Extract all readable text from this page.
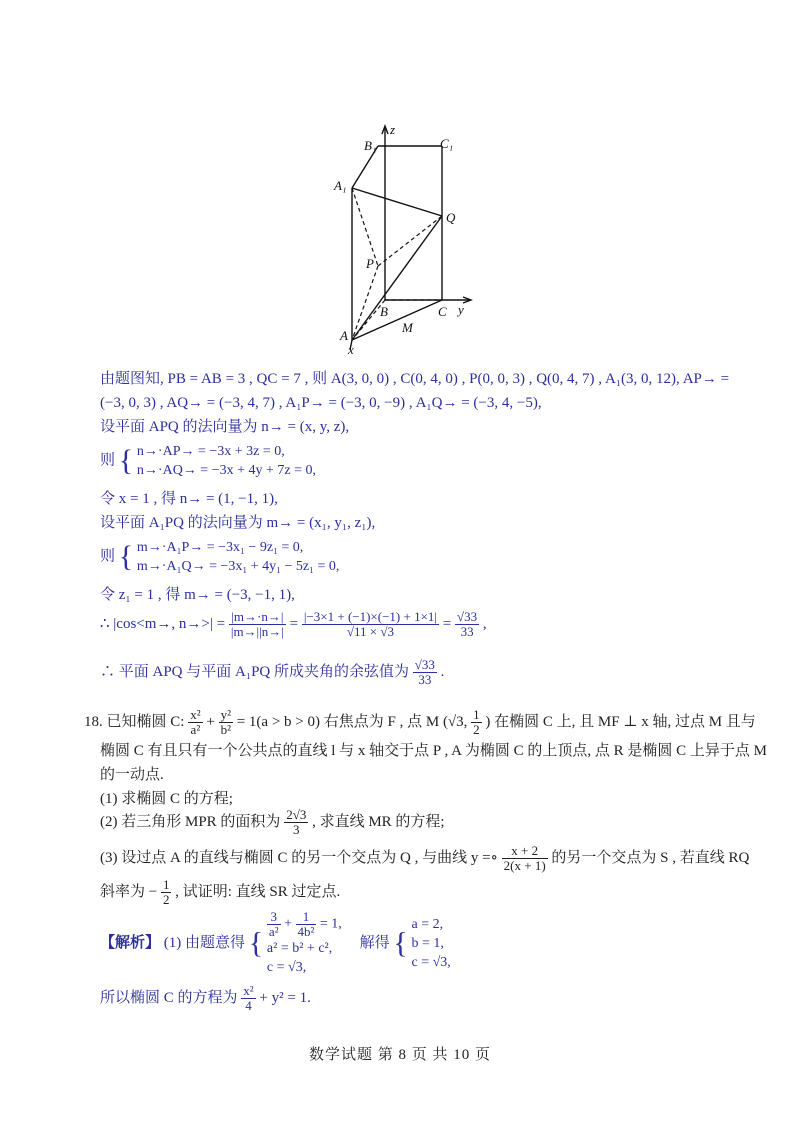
z
y
x
B₁	C₁
A₁
Q
P
A
B	C
M
由题图知, PB = AB = 3 , QC = 7 , 则 A(3, 0, 0) , C(0, 4, 0) , P(0, 0, 3) , Q(0, 4, 7) , A₁(3, 0, 12), AP→ =
(−3, 0, 3) , AQ→ = (−3, 4, 7) , A₁P→ = (−3, 0, −9) , A₁Q→ = (−3, 4, −5),
设平面 APQ 的法向量为 n→ = (x, y, z),
则 { n→·AP→ = −3x + 3z = 0,
n→·AQ→ = −3x + 4y + 7z = 0,
令 x = 1 , 得 n→ = (1, −1, 1),
设平面 A₁PQ 的法向量为 m→ = (x₁, y₁, z₁),
则 { m→·A₁P→ = −3x₁ − 9z₁ = 0,
m→·A₁Q→ = −3x₁ + 4y₁ − 5z₁ = 0,
令 z₁ = 1 , 得 m→ = (−3, −1, 1),
∴ |cos<m→, $n\to>| = \frac{|m\to\cdot n\to|}{|m\to||n\to|} = \frac{|-3\times 1 + (-1)\times(-1) + 1\times 1|}{√11 \times √3} = \frac{√33}{33}$ ,
∴ 平面 APQ 与平面 A₁PQ 所成夹角的余弦值为 $\frac{√33}{33}$ .
18. 已知椭圆 C: $\frac{\text{x²}}{\text{a²}} + \frac{\text{y²}}{\text{b²}} = 1(a > b > 0)$ 右焦点为 F , 点 M (√3, $\frac{1}{2}$ ) 在椭圆 C 上, 且 MF ⊥ x 轴, 过点 M 且与
椭圆 C 有且只有一个公共点的直线 l 与 x 轴交于点 P , A 为椭圆 C 的上顶点, 点 R 是椭圆 C 上异于点 M
的一动点.
(1) 求椭圆 C 的方程;
(2) 若三角形 MPR 的面积为 $\frac{2√3}{3}$ , 求直线 MR 的方程;
(3) 设过点 A 的直线与椭圆 C 的另一个交点为 Q , 与曲线 y =∘ $\frac{x + 2}{2(x + 1)}$ 的另一个交点为 S , 若直线 RQ
斜率为 − $\frac{1}{2}$ , 试证明: 直线 SR 过定点.
【解析】 (1) 由题意得 {
$\frac{3}{\text{a²}} + \frac{1}{\text{4b²}} = 1$,
a² = b² + c²,
c = √3,
解得 {
a = 2,
b = 1,
c = √3,
所以椭圆 C 的方程为 $\frac{\text{x²}}{4} + y^2 = 1$.
数学试题 第 8 页 共 10 页
